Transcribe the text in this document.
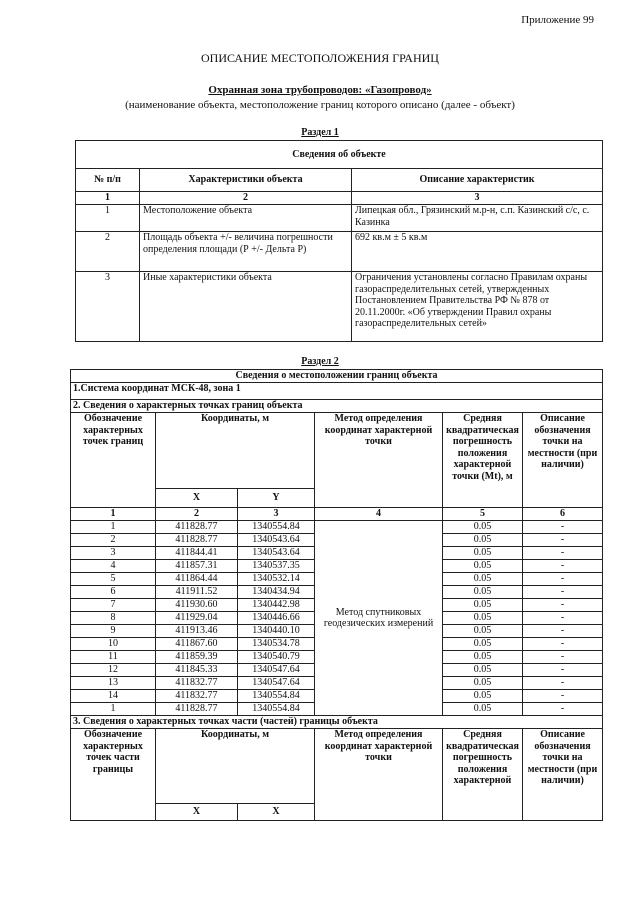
Приложение 99
ОПИСАНИЕ МЕСТОПОЛОЖЕНИЯ ГРАНИЦ
Охранная зона трубопроводов: «Газопровод»
(наименование объекта, местоположение границ которого описано (далее - объект)
Раздел 1
Сведения об объекте		
№ п/п	Характеристики объекта	Описание характеристик
1	2	3
1	Местоположение объекта	Липецкая обл., Грязинский м.р-н, с.п. Казинский с/с, с. Казинка
2	Площадь объекта +/- величина погрешности определения площади (Р +/- Дельта Р)	692 кв.м ± 5 кв.м
3	Иные характеристики объекта	Ограничения установлены согласно Правилам охраны газораспределительных сетей, утвержденных Постановлением Правительства РФ № 878 от 20.11.2000г. «Об утверждении Правил охраны газораспределительных сетей»
Раздел 2
Сведения о местоположении границ объекта					
1.Система координат МСК-48, зона 1					
2. Сведения о характерных точках границ объекта					
Обозначение характерных точек границ	Координаты, м		Метод определения координат характерной точки	Средняя квадратическая погрешность положения характерной точки (Mt), м	Описание обозначения точки на местности (при наличии)
	X	Y			
1	2	3	4	5	6
1	411828.77	1340554.84	Метод спутниковых геодезических измерений	0.05	-
2	411828.77	1340543.64		0.05	-
3	411844.41	1340543.64		0.05	-
4	411857.31	1340537.35		0.05	-
5	411864.44	1340532.14		0.05	-
6	411911.52	1340434.94		0.05	-
7	411930.60	1340442.98		0.05	-
8	411929.04	1340446.66		0.05	-
9	411913.46	1340440.10		0.05	-
10	411867.60	1340534.78		0.05	-
11	411859.39	1340540.79		0.05	-
12	411845.33	1340547.64		0.05	-
13	411832.77	1340547.64		0.05	-
14	411832.77	1340554.84		0.05	-
1	411828.77	1340554.84		0.05	-
3. Сведения о характерных точках части (частей) границы объекта					
Обозначение характерных точек части границы	Координаты, м		Метод определения координат характерной точки	Средняя квадратическая погрешность положения характерной	Описание обозначения точки на местности (при наличии)
	X	X			
